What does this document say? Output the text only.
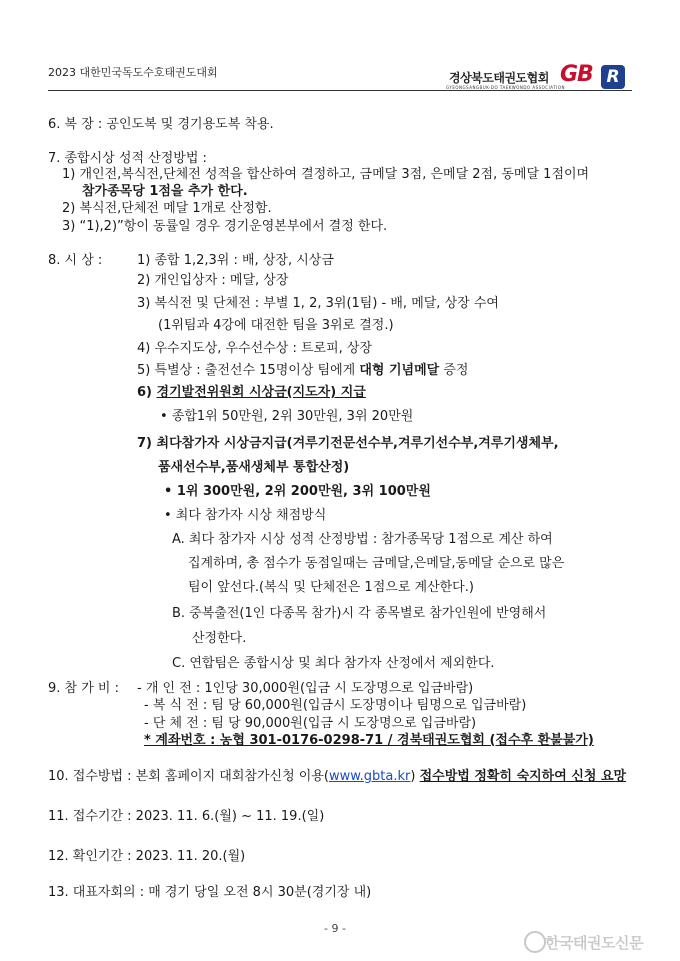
2023 대한민국독도수호태권도대회	경상북도태권도협회
GYEONGSANGBUK-DO TAEKWONDO ASSOCIATION
GB R
6. 복 장 : 공인도복 및 경기용도복 착용.
7. 종합시상 성적 산정방법 :
1) 개인전,복식전,단체전 성적을 합산하여 결정하고, 금메달 3점, 은메달 2점, 동메달 1점이며
참가종목당 1점을 추가 한다.
2) 복식전,단체전 메달 1개로 산정함.
3) “1),2)”항이 동률일 경우 경기운영본부에서 결정 한다.
8. 시 상 :	1) 종합 1,2,3위 : 배, 상장, 시상금
2) 개인입상자 : 메달, 상장
3) 복식전 및 단체전 : 부별 1, 2, 3위(1팀) - 배, 메달, 상장 수여
(1위팀과 4강에 대전한 팀을 3위로 결정.)
4) 우수지도상, 우수선수상 : 트로피, 상장
5) 특별상 : 출전선수 15명이상 팀에게 대형 기념메달 증정
6) 경기발전위원회 시상금(지도자) 지급
• 종합1위 50만원, 2위 30만원, 3위 20만원
7) 최다참가자 시상금지급(겨루기전문선수부,겨루기선수부,겨루기생체부,
품새선수부,품새생체부 통합산정)
• 1위 300만원, 2위 200만원, 3위 100만원
• 최다 참가자 시상 채점방식
A. 최다 참가자 시상 성적 산정방법 : 참가종목당 1점으로 계산 하여
집계하며, 총 점수가 동점일때는 금메달,은메달,동메달 순으로 많은
팀이 앞선다.(복식 및 단체전은 1점으로 계산한다.)
B. 중복출전(1인 다종목 참가)시 각 종목별로 참가인원에 반영해서
산정한다.
C. 연합팀은 종합시상 및 최다 참가자 산정에서 제외한다.
9. 참 가 비 : - 개 인 전 : 1인당 30,000원(입금 시 도장명으로 입금바람)
- 복 식 전 : 팀 당 60,000원(입금시 도장명이나 팀명으로 입금바람)
- 단 체 전 : 팀 당 90,000원(입금 시 도장명으로 입금바람)
* 계좌번호 : 농협 301-0176-0298-71 / 경북태권도협회 (접수후 환불불가)
10. 접수방법 : 본회 홈페이지 대회참가신청 이용(www.gbta.kr) 접수방법 정확히 숙지하여 신청 요망
11. 접수기간 : 2023. 11. 6.(월) ~ 11. 19.(일)
12. 확인기간 : 2023. 11. 20.(월)
13. 대표자회의 : 매 경기 당일 오전 8시 30분(경기장 내)
- 9 -
한국태권도신문
